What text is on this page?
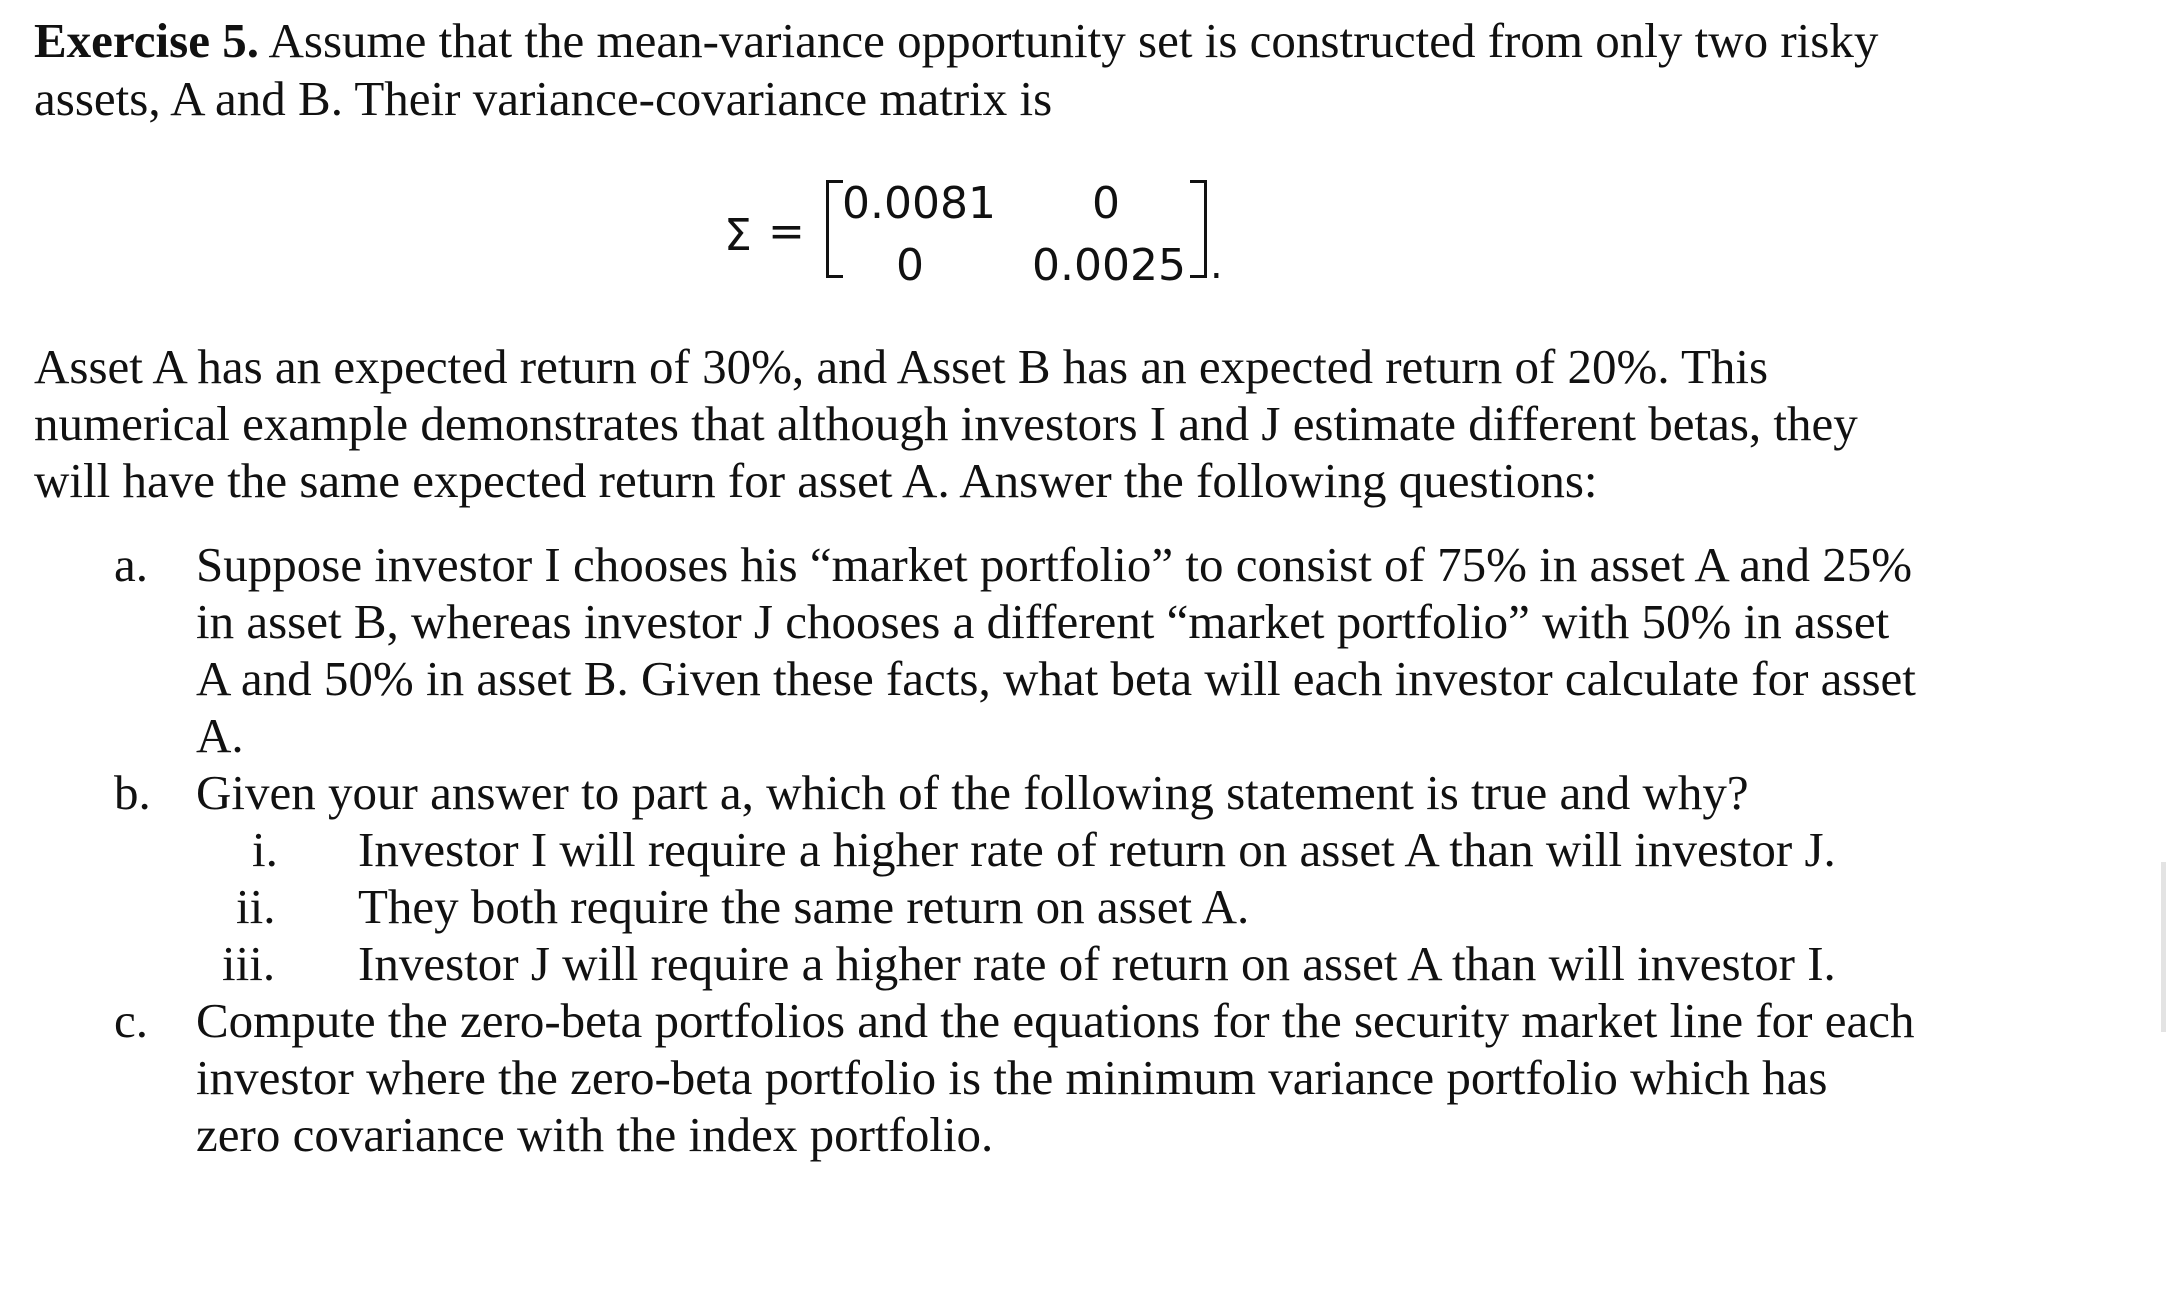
Exercise 5. Assume that the mean-variance opportunity set is constructed from only two risky
assets, A and B. Their variance-covariance matrix is
Σ =
0.0081 0
0 0.0025 .
Asset A has an expected return of 30%, and Asset B has an expected return of 20%. This
numerical example demonstrates that although investors I and J estimate different betas, they
will have the same expected return for asset A. Answer the following questions:
a. Suppose investor I chooses his “market portfolio” to consist of 75% in asset A and 25%
in asset B, whereas investor J chooses a different “market portfolio” with 50% in asset
A and 50% in asset B. Given these facts, what beta will each investor calculate for asset
A.
b. Given your answer to part a, which of the following statement is true and why?
i. Investor I will require a higher rate of return on asset A than will investor J.
ii. They both require the same return on asset A.
iii. Investor J will require a higher rate of return on asset A than will investor I.
c. Compute the zero-beta portfolios and the equations for the security market line for each
investor where the zero-beta portfolio is the minimum variance portfolio which has
zero covariance with the index portfolio.
